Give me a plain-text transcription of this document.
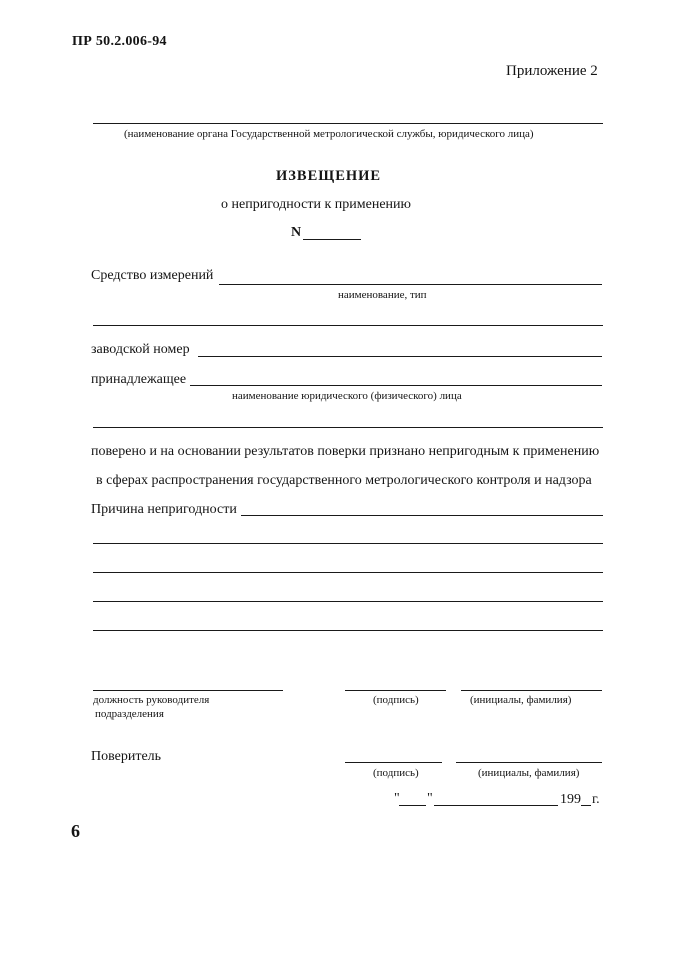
ПР 50.2.006-94
Приложение 2
(наименование органа Государственной метрологической службы, юридического лица)
ИЗВЕЩЕНИЕ
о непригодности к применению
N
Средство измерений
наименование, тип
заводской номер
принадлежащее
наименование юридического (физического) лица
поверено и на основании результатов поверки признано непригодным к применению
в сферах распространения государственного метрологического контроля и надзора
Причина непригодности
должность руководителя
подразделения
(подпись)	(инициалы, фамилия)
Поверитель
(подпись)	(инициалы, фамилия)
" "	199 г.
6
